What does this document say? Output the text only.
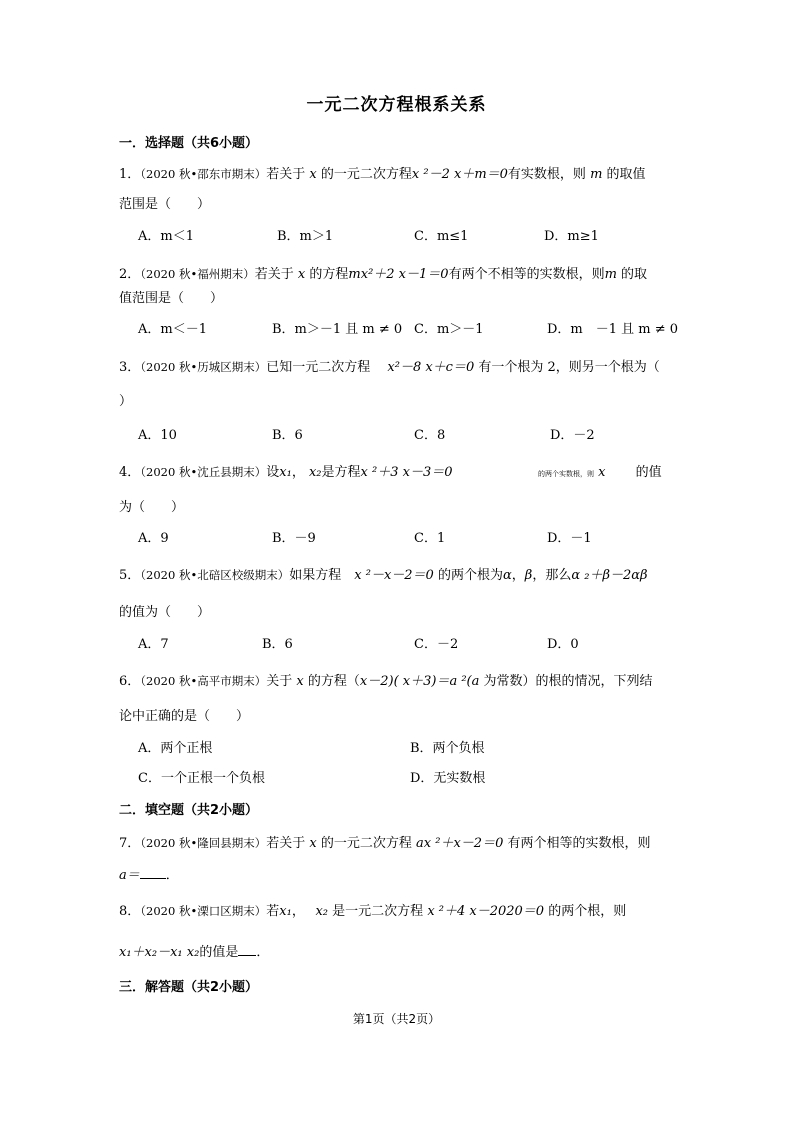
一元二次方程根系关系
一．选择题（共6小题）
1．（2020 秋•邵东市期末）若关于 x 的一元二次方程x ²－2 x＋m＝0有实数根，则 m 的取值
范围是（　　）
A．m＜1	B．m＞1	C．m≤1	D．m≥1
2．（2020 秋•福州期末）若关于 x 的方程mx²＋2 x－1＝0有两个不相等的实数根，则m 的取
值范围是（　　）
A．m＜－1	B．m＞－1 且 m ≠ 0 C．m＞－1	D．m　－1 且 m ≠ 0
3．（2020 秋•历城区期末）已知一元二次方程　 x²－8 x＋c＝0 有一个根为 2，则另一个根为（
）
A．10	B．6	C．8	D．－2
4．（2020 秋•沈丘县期末）设x₁， x₂是方程x ²＋3 x－3＝0	的两个实数根，则 x　　 的值
为（　　）
A．9	B．－9	C．1	D．－1
5．（2020 秋•北碚区校级期末）如果方程　 x ²－x－2＝0 的两个根为α，β，那么α ₂＋β－2αβ
的值为（　　）
A．7	B．6	C．－2	D．0
6．（2020 秋•高平市期末）关于 x 的方程（x－2)( x＋3)＝a ²(a 为常数）的根的情况，下列结
论中正确的是（　　）
A．两个正根	B．两个负根
C．一个正根一个负根	D．无实数根
二．填空题（共2小题）
7．（2020 秋•隆回县期末）若关于 x 的一元二次方程 ax ²＋x－2＝0 有两个相等的实数根，则
a＝ ．
8．（2020 秋•溧口区期末）若x₁，　 x₂ 是一元二次方程 x ²＋4 x－2020＝0 的两个根，则
x₁＋x₂－x₁ x₂的值是 ．
三．解答题（共2小题）
第1页（共2页）
